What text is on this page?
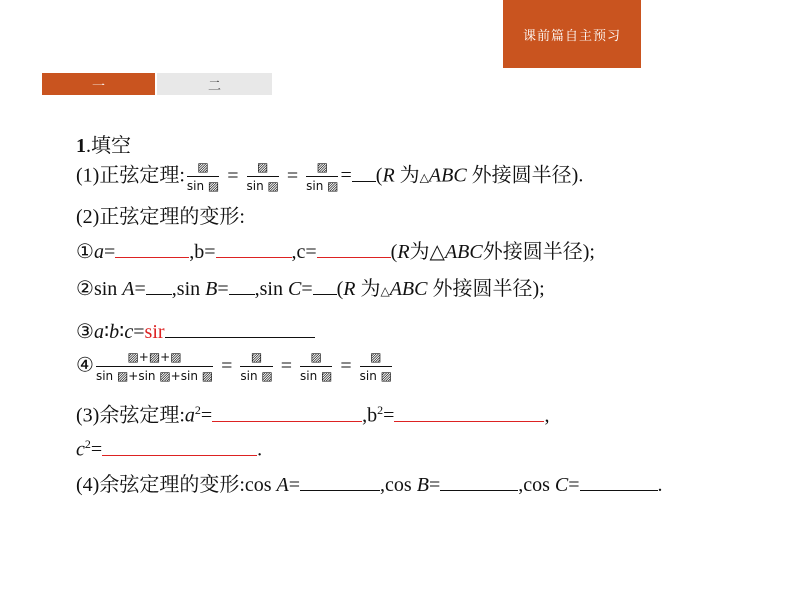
课前篇自主预习
一	二
1.填空
(1)正弦定理: $\frac{▨}{\sin ▨} = \frac{▨}{\sin ▨} = \frac{▨}{\sin ▨} = (R$ 为△ABC 外接圆半径).
(2)正弦定理的变形:
①a=	,b=	,c=	(R为△ABC外接圆半径);
②sin A= ,sin B= ,sin C= (R 为△ABC 外接圆半径);
③a∶b∶c=sir
④ $\frac{▨+▨+▨}{\sin ▨+\sin ▨+\sin ▨} = \frac{▨}{\sin ▨} = \frac{▨}{\sin ▨} = \frac{▨}{\sin ▨}$
(3)余弦定理$:a^2=$	$,b^2=$	,
$c^2=$	.
(4)余弦定理的变形:cos A=	,cos B=	,cos C=	.
